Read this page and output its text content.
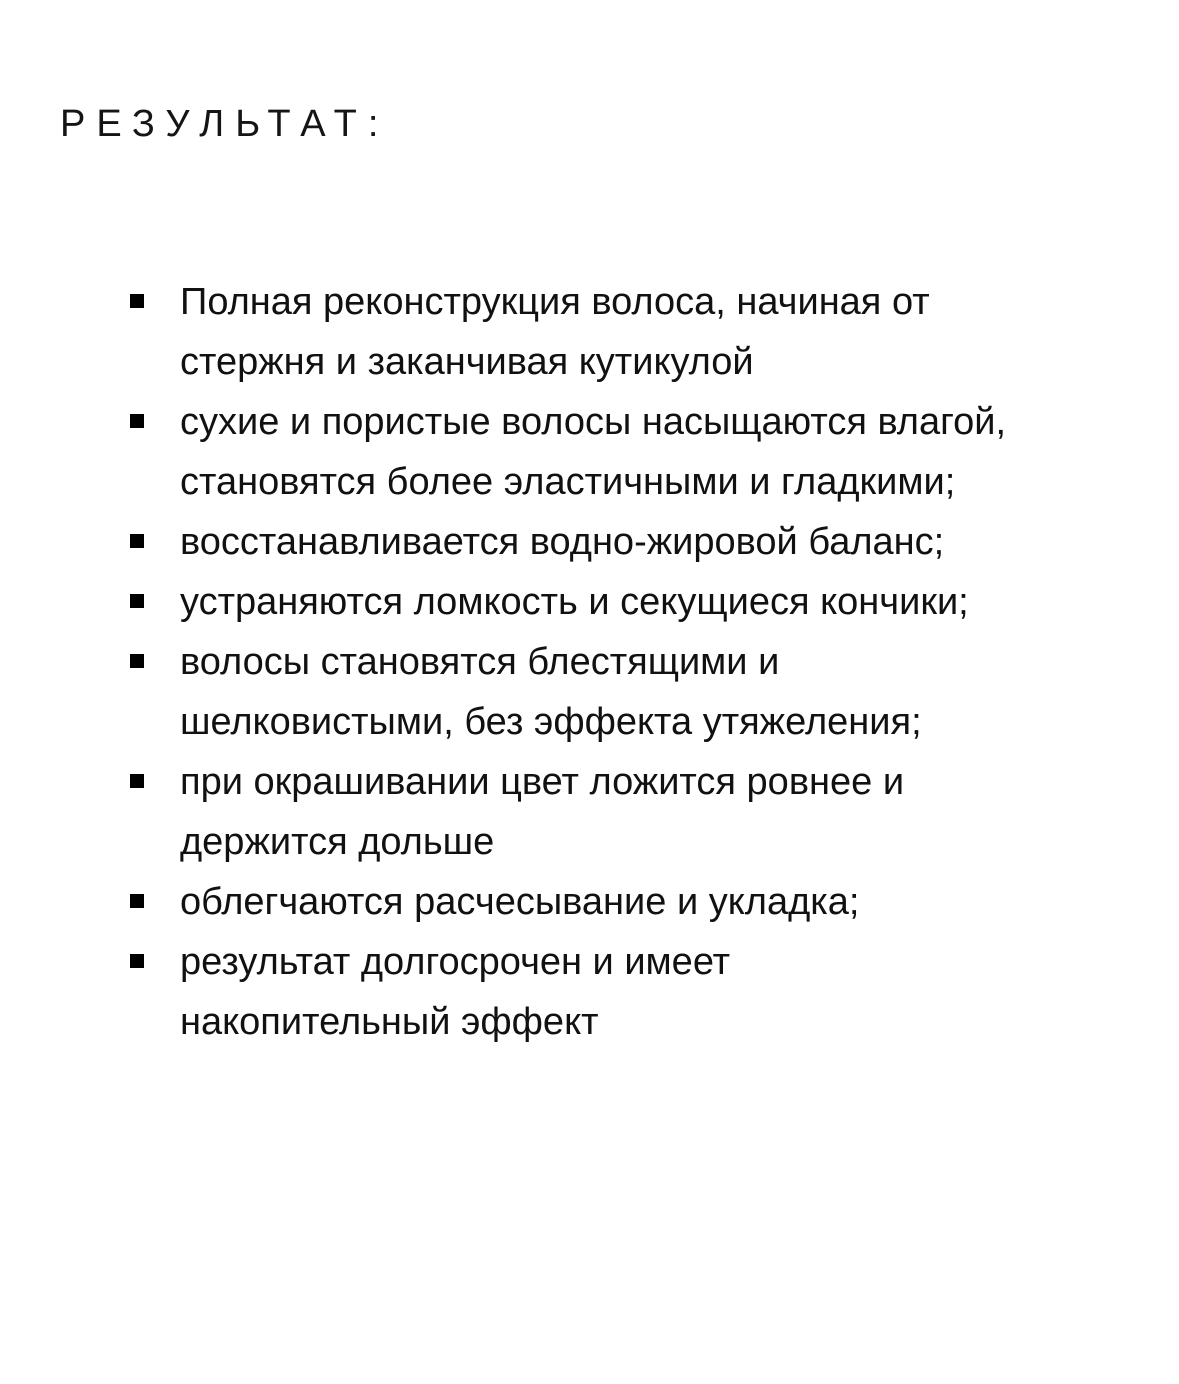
РЕЗУЛЬТАТ:
Полная реконструкция волоса, начиная от стержня и заканчивая кутикулой
сухие и пористые волосы насыщаются влагой, становятся более эластичными и гладкими;
восстанавливается водно-жировой баланс;
устраняются ломкость и секущиеся кончики;
волосы становятся блестящими и шелковистыми, без эффекта утяжеления;
при окрашивании цвет ложится ровнее и держится дольше
облегчаются расчесывание и укладка;
результат долгосрочен и имеет накопительный эффект
